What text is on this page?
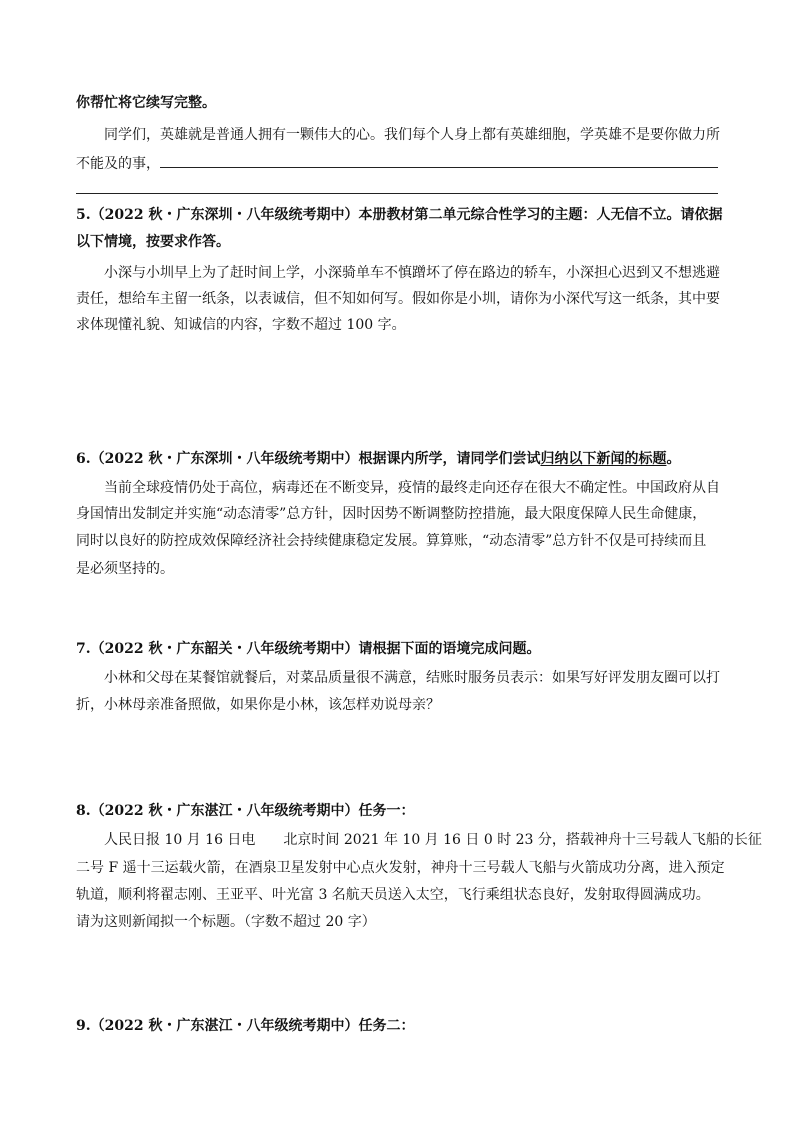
你帮忙将它续写完整。
同学们，英雄就是普通人拥有一颗伟大的心。我们每个人身上都有英雄细胞，学英雄不是要你做力所
不能及的事，
5.（2022 秋・广东深圳・八年级统考期中）本册教材第二单元综合性学习的主题：人无信不立。请依据
以下情境，按要求作答。
小深与小圳早上为了赶时间上学，小深骑单车不慎蹭坏了停在路边的轿车，小深担心迟到又不想逃避
责任，想给车主留一纸条，以表诚信，但不知如何写。假如你是小圳，请你为小深代写这一纸条，其中要
求体现懂礼貌、知诚信的内容，字数不超过 100 字。
6.（2022 秋・广东深圳・八年级统考期中）根据课内所学，请同学们尝试归纳以下新闻的标题。
当前全球疫情仍处于高位，病毒还在不断变异，疫情的最终走向还存在很大不确定性。中国政府从自
身国情出发制定并实施“动态清零”总方针，因时因势不断调整防控措施，最大限度保障人民生命健康，
同时以良好的防控成效保障经济社会持续健康稳定发展。算算账，“动态清零”总方针不仅是可持续而且
是必须坚持的。
7.（2022 秋・广东韶关・八年级统考期中）请根据下面的语境完成问题。
小林和父母在某餐馆就餐后，对菜品质量很不满意，结账时服务员表示：如果写好评发朋友圈可以打
折，小林母亲准备照做，如果你是小林，该怎样劝说母亲？
8.（2022 秋・广东湛江・八年级统考期中）任务一：
人民日报 10 月 16 日电　　北京时间 2021 年 10 月 16 日 0 时 23 分，搭载神舟十三号载人飞船的长征
二号 F 遥十三运载火箭，在酒泉卫星发射中心点火发射，神舟十三号载人飞船与火箭成功分离，进入预定
轨道，顺利将翟志刚、王亚平、叶光富 3 名航天员送入太空，飞行乘组状态良好，发射取得圆满成功。
请为这则新闻拟一个标题。（字数不超过 20 字）
9.（2022 秋・广东湛江・八年级统考期中）任务二：
